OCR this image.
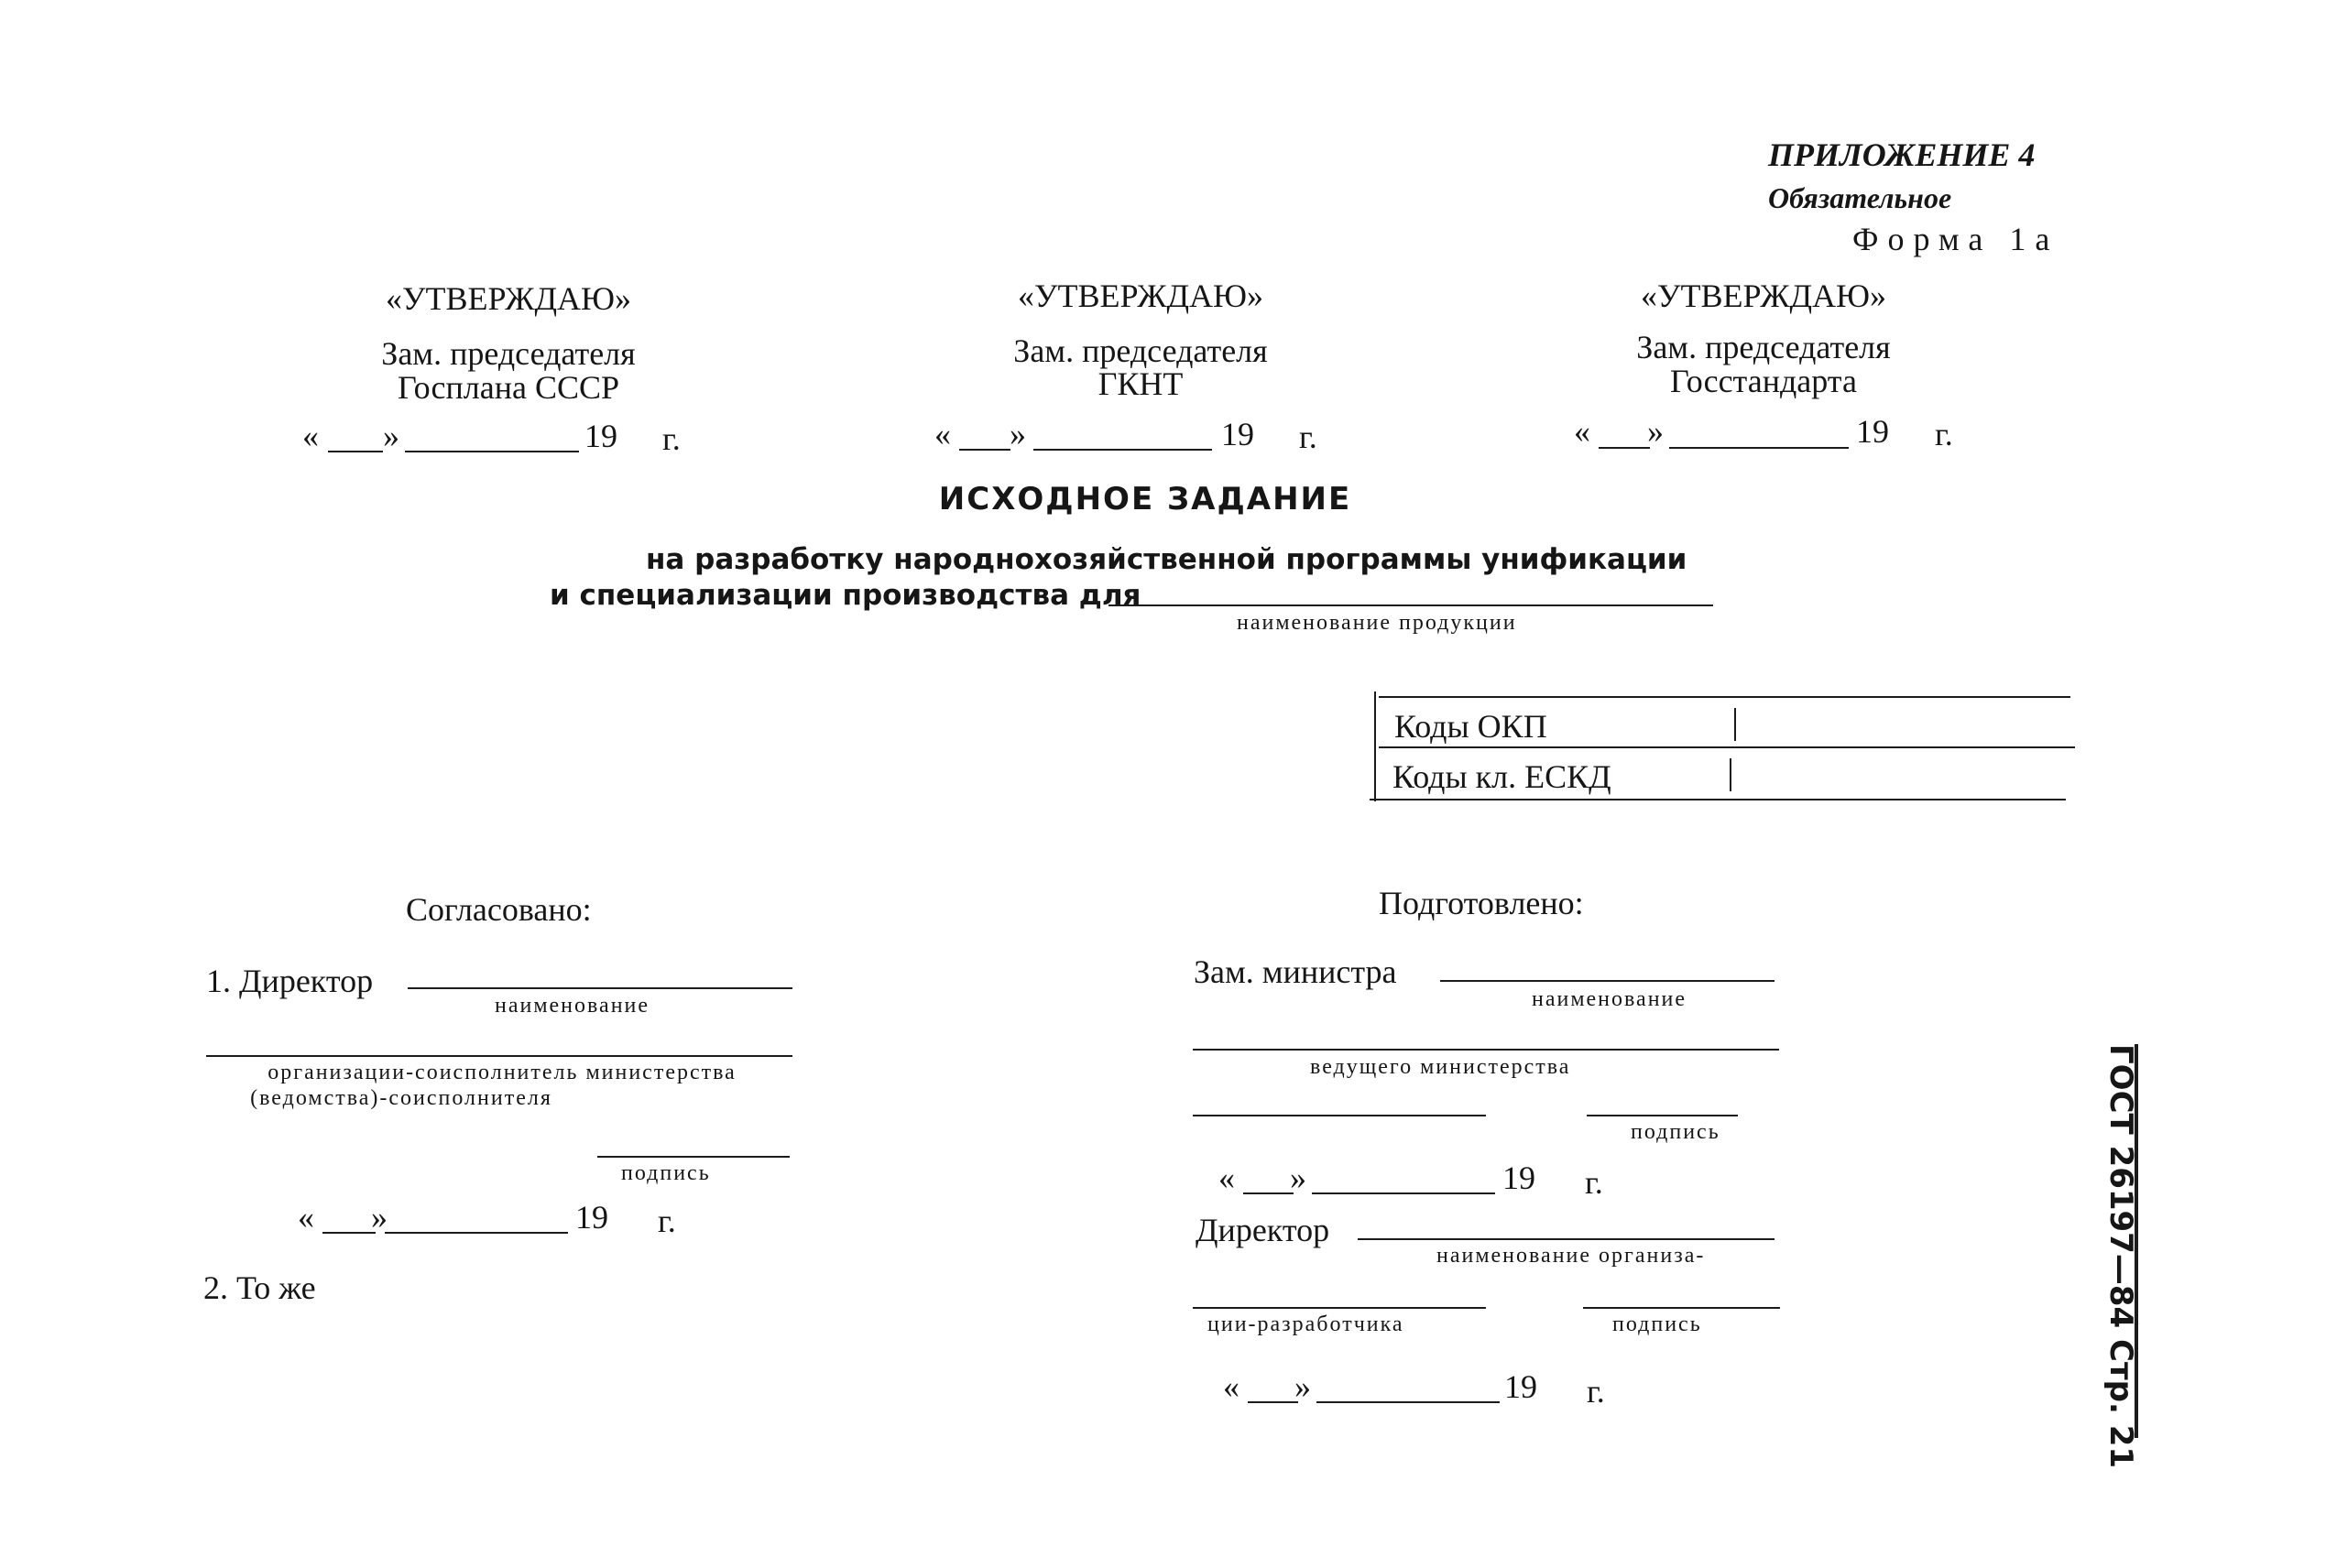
ПРИЛОЖЕНИЕ 4
Обязательное
Форма 1а
«УТВЕРЖДАЮ»
Зам. председателя
Госплана СССР
« »	19 г.
«УТВЕРЖДАЮ»
Зам. председателя
ГКНТ
« »	19 г.
«УТВЕРЖДАЮ»
Зам. председателя
Госстандарта
« »	19 г.
ИСХОДНОЕ ЗАДАНИЕ
на разработку народнохозяйственной программы унификации
и специализации производства для
наименование продукции
Коды ОКП
Коды кл. ЕСКД
Согласовано:
1. Директор
наименование
организации-соисполнитель министерства
(ведомства)-соисполнителя
подпись
« »	19 г.
2. То же
Подготовлено:
Зам. министра
наименование
ведущего министерства
подпись
« »	19 г.
Директор
наименование организа-
ции-разработчика	подпись
« »	19 г.	ГОСТ 26197—84 Стр. 21
